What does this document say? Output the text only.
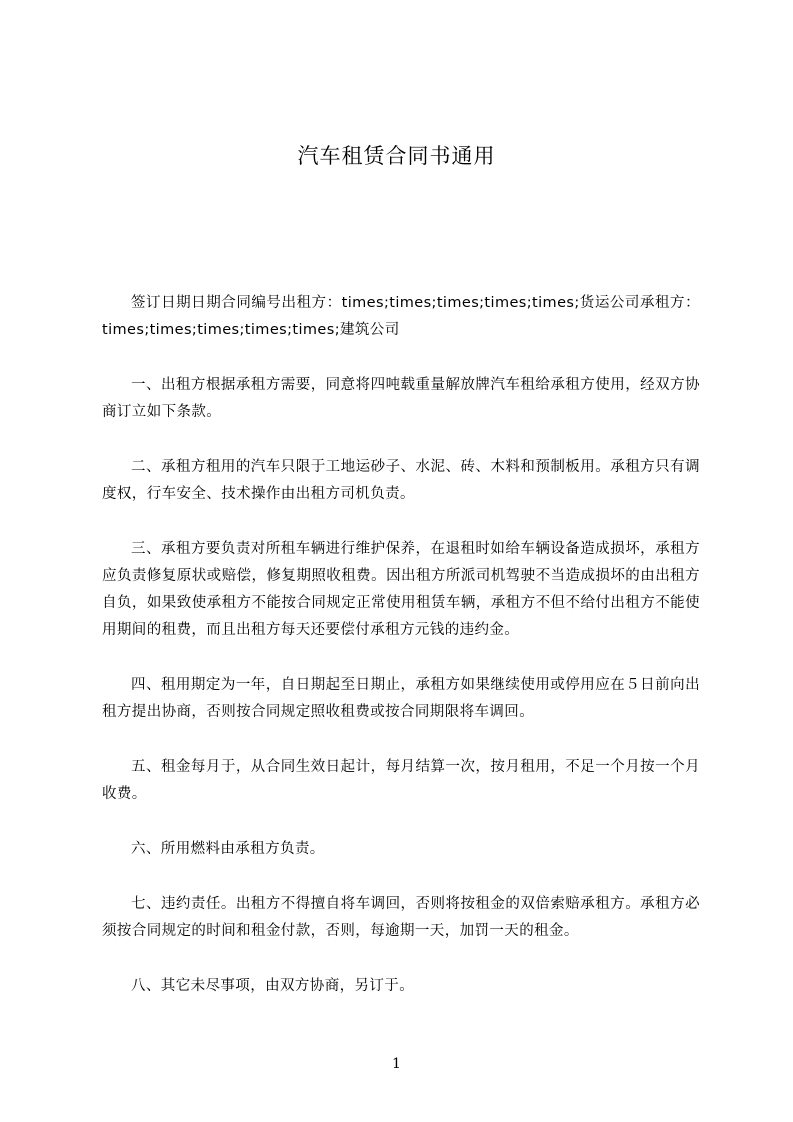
汽车租赁合同书通用

签订日期日期合同编号出租方：times;times;times;times;times;货运公司承租方：times;times;times;times;times;建筑公司

一、出租方根据承租方需要，同意将四吨载重量解放牌汽车租给承租方使用，经双方协商订立如下条款。

二、承租方租用的汽车只限于工地运砂子、水泥、砖、木料和预制板用。承租方只有调度权，行车安全、技术操作由出租方司机负责。

三、承租方要负责对所租车辆进行维护保养，在退租时如给车辆设备造成损坏，承租方应负责修复原状或赔偿，修复期照收租费。因出租方所派司机驾驶不当造成损坏的由出租方自负，如果致使承租方不能按合同规定正常使用租赁车辆，承租方不但不给付出租方不能使用期间的租费，而且出租方每天还要偿付承租方元钱的违约金。

四、租用期定为一年，自日期起至日期止，承租方如果继续使用或停用应在５日前向出租方提出协商，否则按合同规定照收租费或按合同期限将车调回。

五、租金每月于，从合同生效日起计，每月结算一次，按月租用，不足一个月按一个月收费。

六、所用燃料由承租方负责。

七、违约责任。出租方不得擅自将车调回，否则将按租金的双倍索赔承租方。承租方必须按合同规定的时间和租金付款，否则，每逾期一天，加罚一天的租金。

八、其它未尽事项，由双方协商，另订于。

1
